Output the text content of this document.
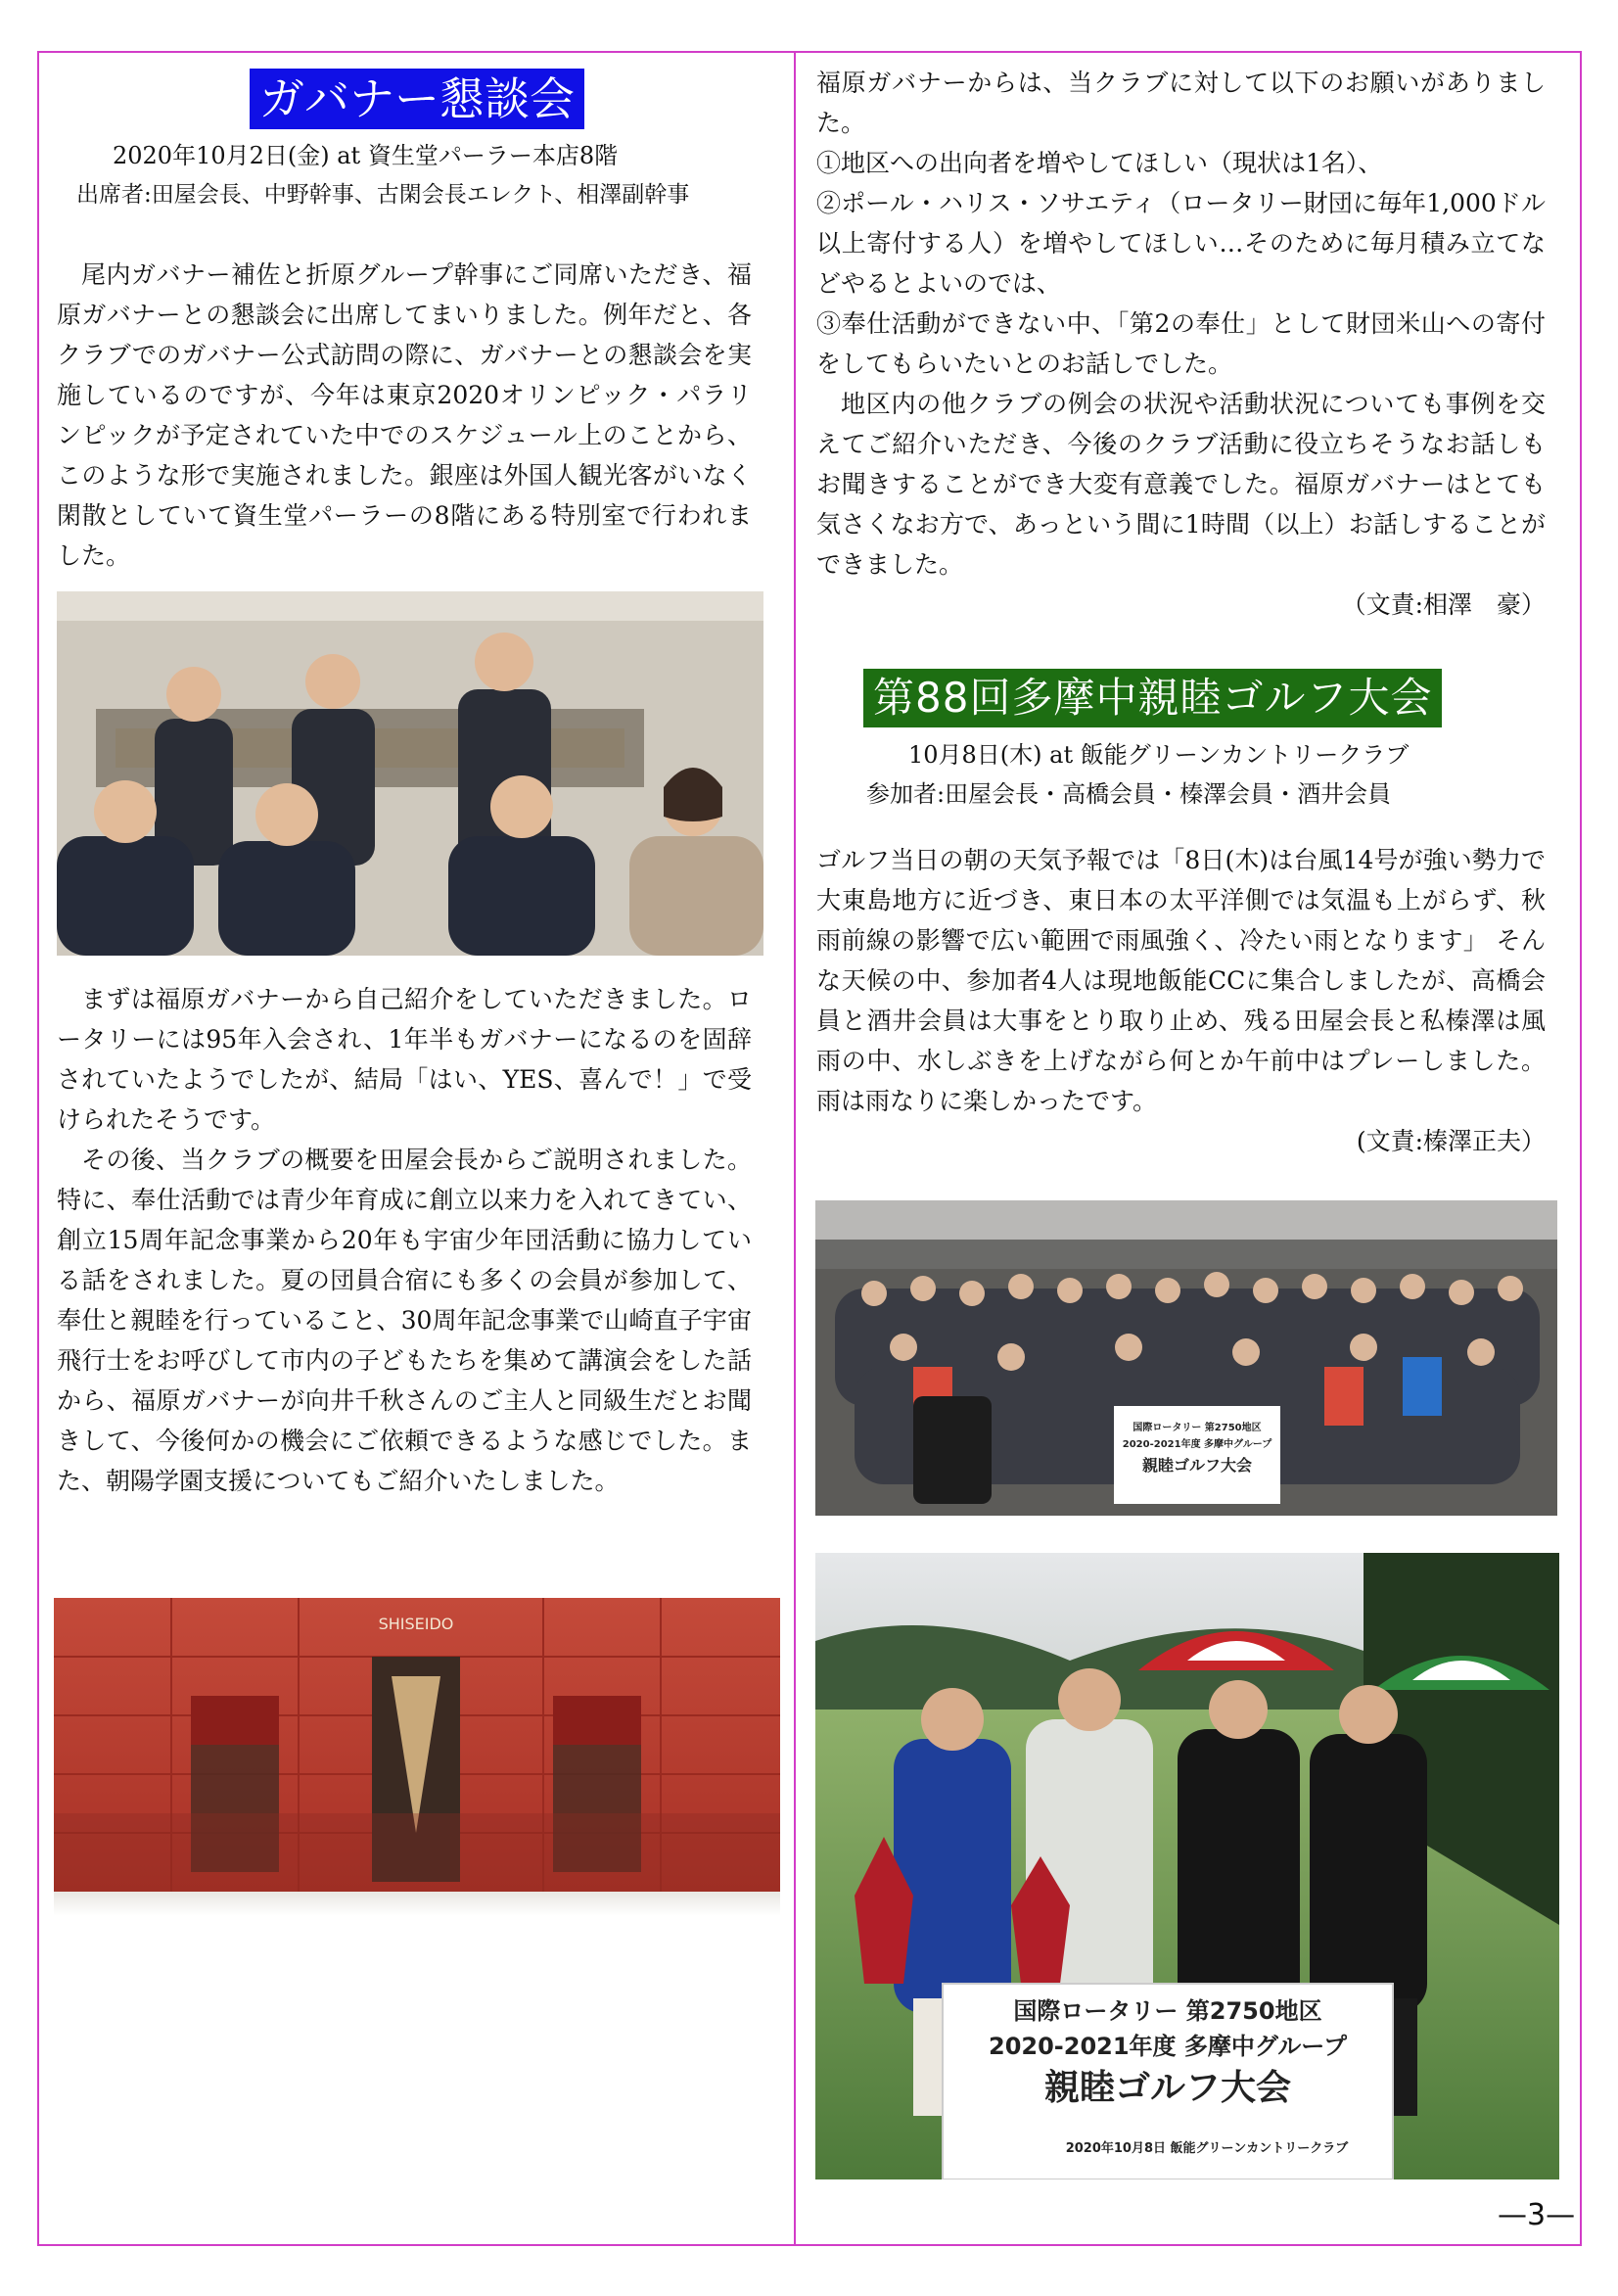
ガバナー懇談会
2020年10月2日(金) at 資生堂パーラー本店8階
出席者:田屋会長、中野幹事、古閑会長エレクト、相澤副幹事

尾内ガバナー補佐と折原グループ幹事にご同席いただき、福原ガバナーとの懇談会に出席してまいりました。例年だと、各クラブでのガバナー公式訪問の際に、ガバナーとの懇談会を実施しているのですが、今年は東京2020オリンピック・パラリンピックが予定されていた中でのスケジュール上のことから、このような形で実施されました。銀座は外国人観光客がいなく閑散としていて資生堂パーラーの8階にある特別室で行われました。

まずは福原ガバナーから自己紹介をしていただきました。ロータリーには95年入会され、1年半もガバナーになるのを固辞されていたようでしたが、結局「はい、YES、喜んで！」で受けられたそうです。

その後、当クラブの概要を田屋会長からご説明されました。特に、奉仕活動では青少年育成に創立以来力を入れてきてい、創立15周年記念事業から20年も宇宙少年団活動に協力している話をされました。夏の団員合宿にも多くの会員が参加して、奉仕と親睦を行っていること、30周年記念事業で山崎直子宇宙飛行士をお呼びして市内の子どもたちを集めて講演会をした話から、福原ガバナーが向井千秋さんのご主人と同級生だとお聞きして、今後何かの機会にご依頼できるような感じでした。また、朝陽学園支援についてもご紹介いたしました。

SHISEIDO

福原ガバナーからは、当クラブに対して以下のお願いがありました。

①地区への出向者を増やしてほしい（現状は1名）、

②ポール・ハリス・ソサエティ（ロータリー財団に毎年1,000ドル以上寄付する人）を増やしてほしい…そのために毎月積み立てなどやるとよいのでは、

③奉仕活動ができない中、「第2の奉仕」として財団米山への寄付をしてもらいたいとのお話しでした。

地区内の他クラブの例会の状況や活動状況についても事例を交えてご紹介いただき、今後のクラブ活動に役立ちそうなお話しもお聞きすることができ大変有意義でした。福原ガバナーはとても気さくなお方で、あっという間に1時間（以上）お話しすることができました。

（文責:相澤　豪）

第88回多摩中親睦ゴルフ大会
10月8日(木) at 飯能グリーンカントリークラブ
参加者:田屋会長・高橋会員・榛澤会員・酒井会員

ゴルフ当日の朝の天気予報では「8日(木)は台風14号が強い勢力で大東島地方に近づき、東日本の太平洋側では気温も上がらず、秋雨前線の影響で広い範囲で雨風強く、冷たい雨となります」 そんな天候の中、参加者4人は現地飯能CCに集合しましたが、高橋会員と酒井会員は大事をとり取り止め、残る田屋会長と私榛澤は風雨の中、水しぶきを上げながら何とか午前中はプレーしました。雨は雨なりに楽しかったです。

(文責:榛澤正夫）

国際ロータリー 第2750地区
2020-2021年度 多摩中グループ
親睦ゴルフ大会
国際ロータリー 第2750地区
2020-2021年度 多摩中グループ
親睦ゴルフ大会
2020年10月8日 飯能グリーンカントリークラブ
—3—
